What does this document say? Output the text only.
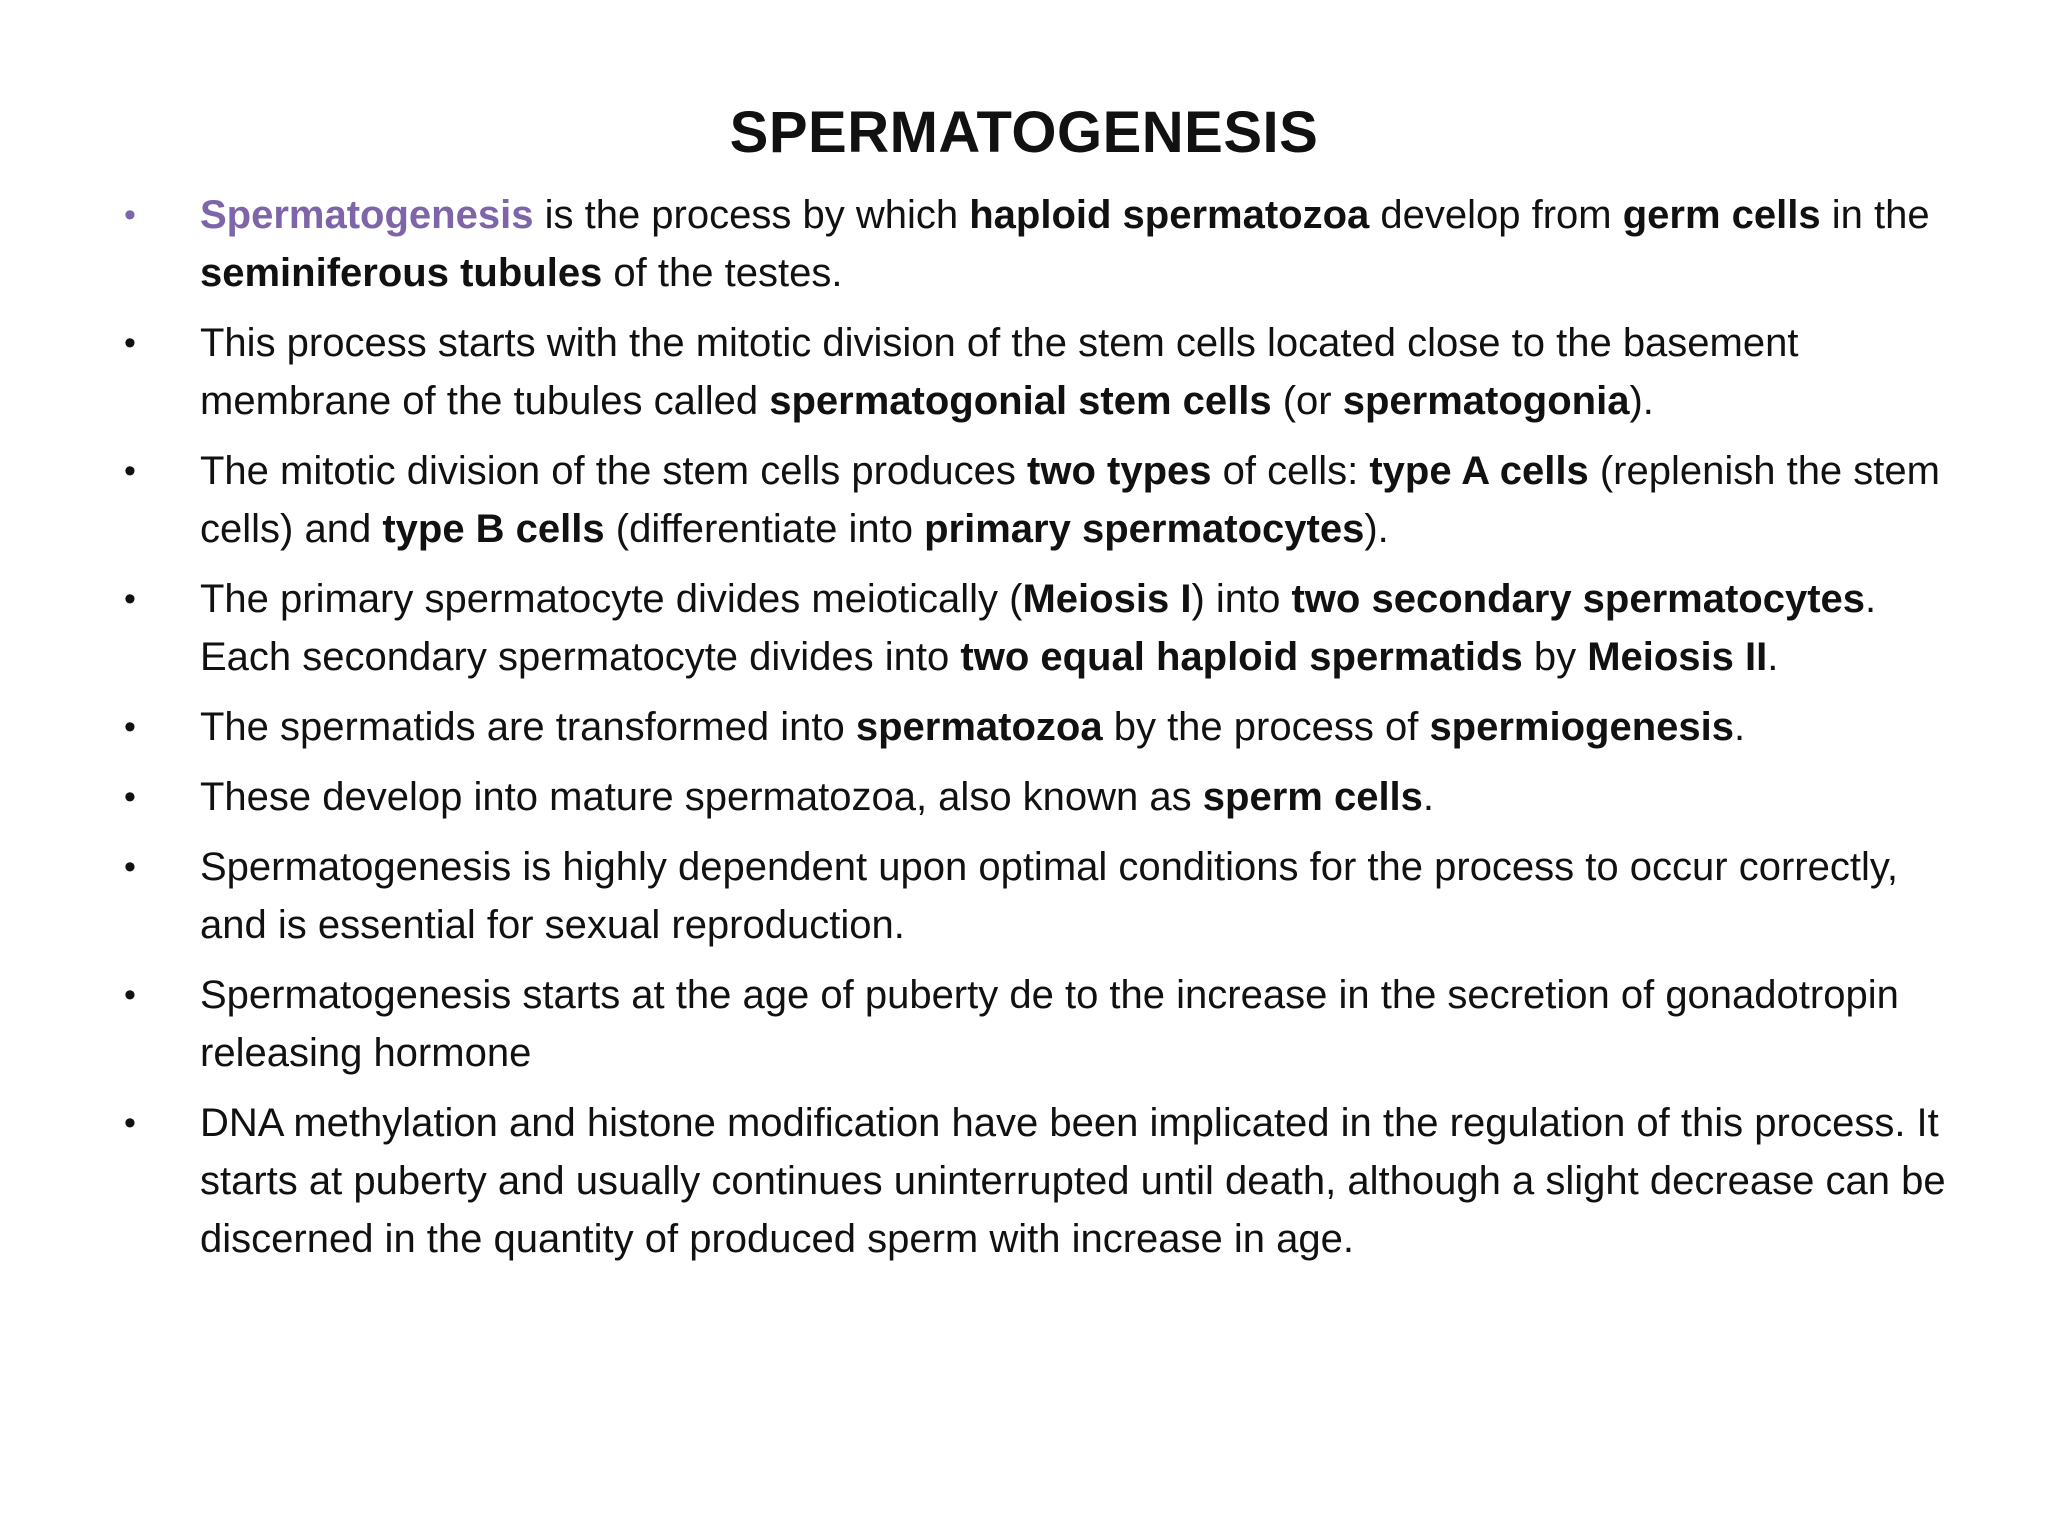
SPERMATOGENESIS
• Spermatogenesis is the process by which haploid spermatozoa develop from germ cells in the seminiferous tubules of the testes.
• This process starts with the mitotic division of the stem cells located close to the basement membrane of the tubules called spermatogonial stem cells (or spermatogonia).
• The mitotic division of the stem cells produces two types of cells: type A cells (replenish the stem cells) and type B cells (differentiate into primary spermatocytes).
• The primary spermatocyte divides meiotically (Meiosis I) into two secondary spermatocytes. Each secondary spermatocyte divides into two equal haploid spermatids by Meiosis II.
• The spermatids are transformed into spermatozoa by the process of spermiogenesis.
• These develop into mature spermatozoa, also known as sperm cells.
• Spermatogenesis is highly dependent upon optimal conditions for the process to occur correctly, and is essential for sexual reproduction.
• Spermatogenesis starts at the age of puberty de to the increase in the secretion of gonadotropin releasing hormone
• DNA methylation and histone modification have been implicated in the regulation of this process. It starts at puberty and usually continues uninterrupted until death, although a slight decrease can be discerned in the quantity of produced sperm with increase in age.
